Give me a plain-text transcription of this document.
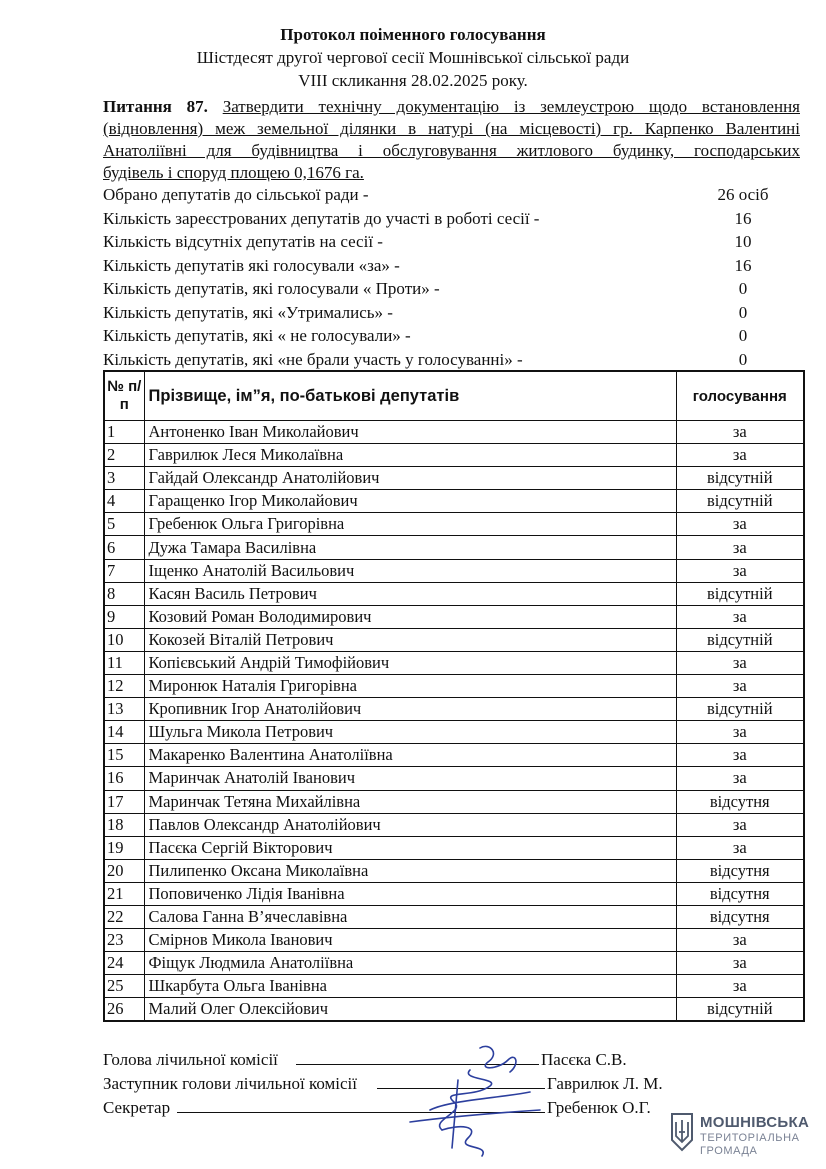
Протокол поіменного голосування
Шістдесят другої чергової сесії Мошнівської сільської ради
VIII скликання 28.02.2025 року.
Питання 87. Затвердити технічну документацію із землеустрою щодо встановлення (відновлення) меж земельної ділянки в натурі (на місцевості) гр. Карпенко Валентині Анатоліївні для будівництва і обслуговування житлового будинку, господарських
будівель і споруд площею 0,1676 га.
Обрано депутатів до сільської ради -	26 осіб
Кількість зареєстрованих депутатів до участі в роботі сесії -	16
Кількість відсутніх депутатів на сесії -	10
Кількість депутатів які голосували «за» -	16
Кількість депутатів, які голосували « Проти» -	0
Кількість депутатів, які «Утримались» -	0
Кількість депутатів, які « не голосували» -	0
Кількість депутатів, які «не брали участь у голосуванні» -	0
№ п/п	Прізвище, ім”я, по-батькові депутатів	голосування
1	Антоненко Іван Миколайович	за
2	Гаврилюк Леся Миколаївна	за
3	Гайдай Олександр Анатолійович	відсутній
4	Гаращенко Ігор Миколайович	відсутній
5	Гребенюк Ольга Григорівна	за
6	Дужа Тамара Василівна	за
7	Іщенко Анатолій Васильович	за
8	Касян Василь Петрович	відсутній
9	Козовий Роман Володимирович	за
10	Кокозей Віталій Петрович	відсутній
11	Копієвський Андрій Тимофійович	за
12	Миронюк Наталія Григорівна	за
13	Кропивник Ігор Анатолійович	відсутній
14	Шульга Микола Петрович	за
15	Макаренко Валентина Анатоліївна	за
16	Маринчак Анатолій Іванович	за
17	Маринчак Тетяна Михайлівна	відсутня
18	Павлов Олександр Анатолійович	за
19	Пасєка Сергій Вікторович	за
20	Пилипенко Оксана Миколаївна	відсутня
21	Поповиченко Лідія Іванівна	відсутня
22	Салова Ганна В’ячеславівна	відсутня
23	Смірнов Микола Іванович	за
24	Фіщук Людмила Анатоліївна	за
25	Шкарбута Ольга Іванівна	за
26	Малий Олег Олексійович	відсутній
Голова лічильної комісії	Пасєка С.В.
Заступник голови лічильної комісії	Гаврилюк Л. М.
Секретар	Гребенюк О.Г.
МОШНІВСЬКА
ТЕРИТОРІАЛЬНА
ГРОМАДА
